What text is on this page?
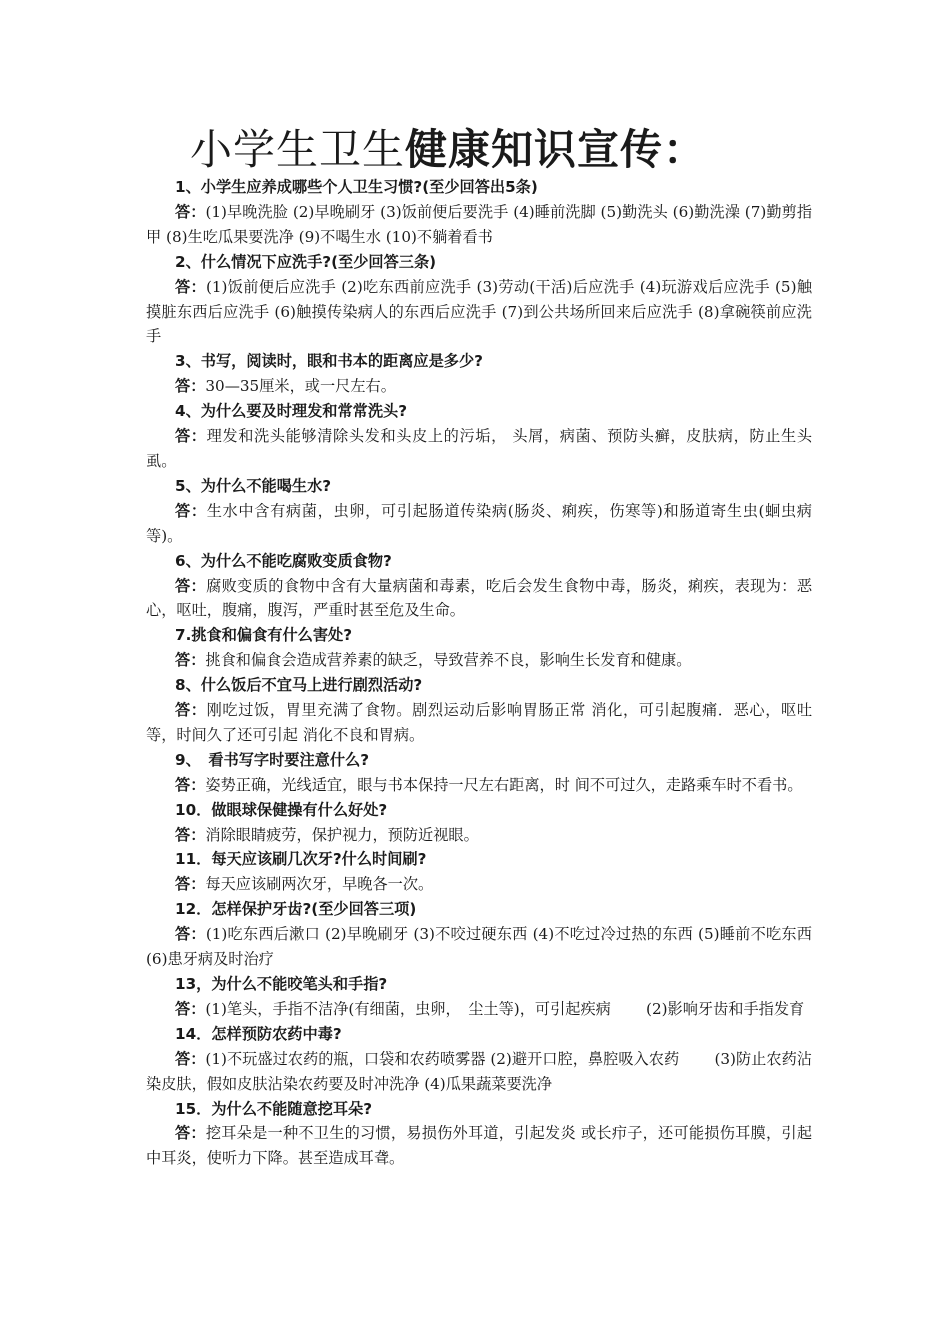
小学生卫生健康知识宣传：

1、小学生应养成哪些个人卫生习惯?(至少回答出5条)

答：(1)早晚洗脸 (2)早晚刷牙 (3)饭前便后要洗手 (4)睡前洗脚 (5)勤洗头 (6)勤洗澡 (7)勤剪指甲 (8)生吃瓜果要洗净 (9)不喝生水 (10)不躺着看书

2、什么情况下应洗手?(至少回答三条)

答：(1)饭前便后应洗手 (2)吃东西前应洗手 (3)劳动(干活)后应洗手 (4)玩游戏后应洗手 (5)触摸脏东西后应洗手 (6)触摸传染病人的东西后应洗手 (7)到公共场所回来后应洗手 (8)拿碗筷前应洗手

3、书写，阅读时，眼和书本的距离应是多少?

答：30—35厘米，或一尺左右。

4、为什么要及时理发和常常洗头?

答：理发和洗头能够清除头发和头皮上的污垢， 头屑，病菌、预防头癣，皮肤病，防止生头虱。

5、为什么不能喝生水?

答：生水中含有病菌，虫卵，可引起肠道传染病(肠炎、痢疾，伤寒等)和肠道寄生虫(蛔虫病等)。

6、为什么不能吃腐败变质食物?

答：腐败变质的食物中含有大量病菌和毒素，吃后会发生食物中毒，肠炎，痢疾，表现为：恶心，呕吐，腹痛，腹泻，严重时甚至危及生命。

7.挑食和偏食有什么害处?

答：挑食和偏食会造成营养素的缺乏，导致营养不良，影响生长发育和健康。

8、什么饭后不宜马上进行剧烈活动?

答：刚吃过饭，胃里充满了食物。剧烈运动后影响胃肠正常 消化，可引起腹痛．恶心，呕吐等，时间久了还可引起 消化不良和胃病。

9、　看书写字时要注意什么?

答：姿势正确，光线适宜，眼与书本保持一尺左右距离，时 间不可过久，走路乘车时不看书。

10．做眼球保健操有什么好处?

答：消除眼睛疲劳，保护视力，预防近视眼。

11．每天应该刷几次牙?什么时间刷?

答：每天应该刷两次牙，早晚各一次。

12．怎样保护牙齿?(至少回答三项)

答：(1)吃东西后漱口 (2)早晚刷牙 (3)不咬过硬东西 (4)不吃过冷过热的东西 (5)睡前不吃东西 (6)患牙病及时治疗

13，为什么不能咬笔头和手指?

答：(1)笔头，手指不洁净(有细菌，虫卵，　尘土等)，可引起疾病　　 (2)影响牙齿和手指发育

14．怎样预防农药中毒?

答：(1)不玩盛过农药的瓶，口袋和农药喷雾器 (2)避开口腔，鼻腔吸入农药　　 (3)防止农药沾染皮肤，假如皮肤沾染农药要及时冲洗净 (4)瓜果蔬菜要洗净

15．为什么不能随意挖耳朵?

答：挖耳朵是一种不卫生的习惯，易损伤外耳道，引起发炎 或长疖子，还可能损伤耳膜，引起中耳炎，使听力下降。甚至造成耳聋。
